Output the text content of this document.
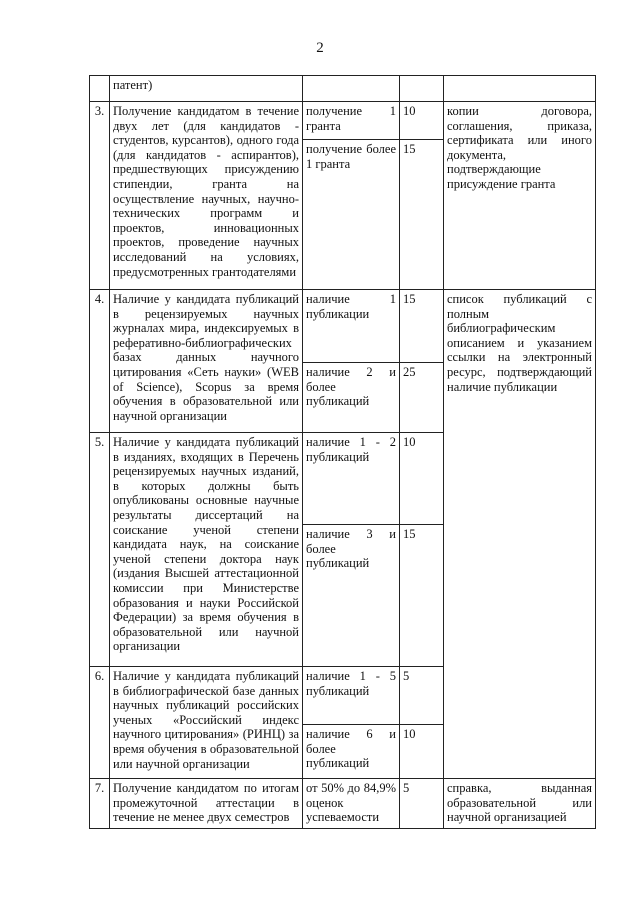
2
	патент)			
3.	Получение кандидатом в течение двух лет (для кандидатов - студентов, курсантов), одного года (для кандидатов - аспирантов), предшествующих присуждению стипендии, гранта на осуществление научных, научно-технических программ и проектов, инновационных проектов, проведение научных исследований на условиях, предусмотренных грантодателями	получение 1 гранта	10	копии договора, соглашения, приказа, сертификата или иного документа, подтверждающие присуждение гранта
		получение более 1 гранта	15	
4.	Наличие у кандидата публикаций в рецензируемых научных журналах мира, индексируемых в реферативно-библиографических базах данных научного цитирования «Сеть науки» (WEB of Science), Scopus за время обучения в образовательной или научной организации	наличие 1 публикации	15	список публикаций с полным библиографическим описанием и указанием ссылки на электронный ресурс, подтверждающий наличие публикации
		наличие 2 и более публикаций	25	
5.	Наличие у кандидата публикаций в изданиях, входящих в Перечень рецензируемых научных изданий, в которых должны быть опубликованы основные научные результаты диссертаций на соискание ученой степени кандидата наук, на соискание ученой степени доктора наук (издания Высшей аттестационной комиссии при Министерстве образования и науки Российской Федерации) за время обучения в образовательной или научной организации	наличие 1 - 2 публикаций	10	
		наличие 3 и более публикаций	15	
6.	Наличие у кандидата публикаций в библиографической базе данных научных публикаций российских ученых «Российский индекс научного цитирования» (РИНЦ) за время обучения в образовательной или научной организации	наличие 1 - 5 публикаций	5	
		наличие 6 и более публикаций	10	
7.	Получение кандидатом по итогам промежуточной аттестации в течение не менее двух семестров	от 50% до 84,9% оценок успеваемости	5	справка, выданная образовательной или научной организацией
